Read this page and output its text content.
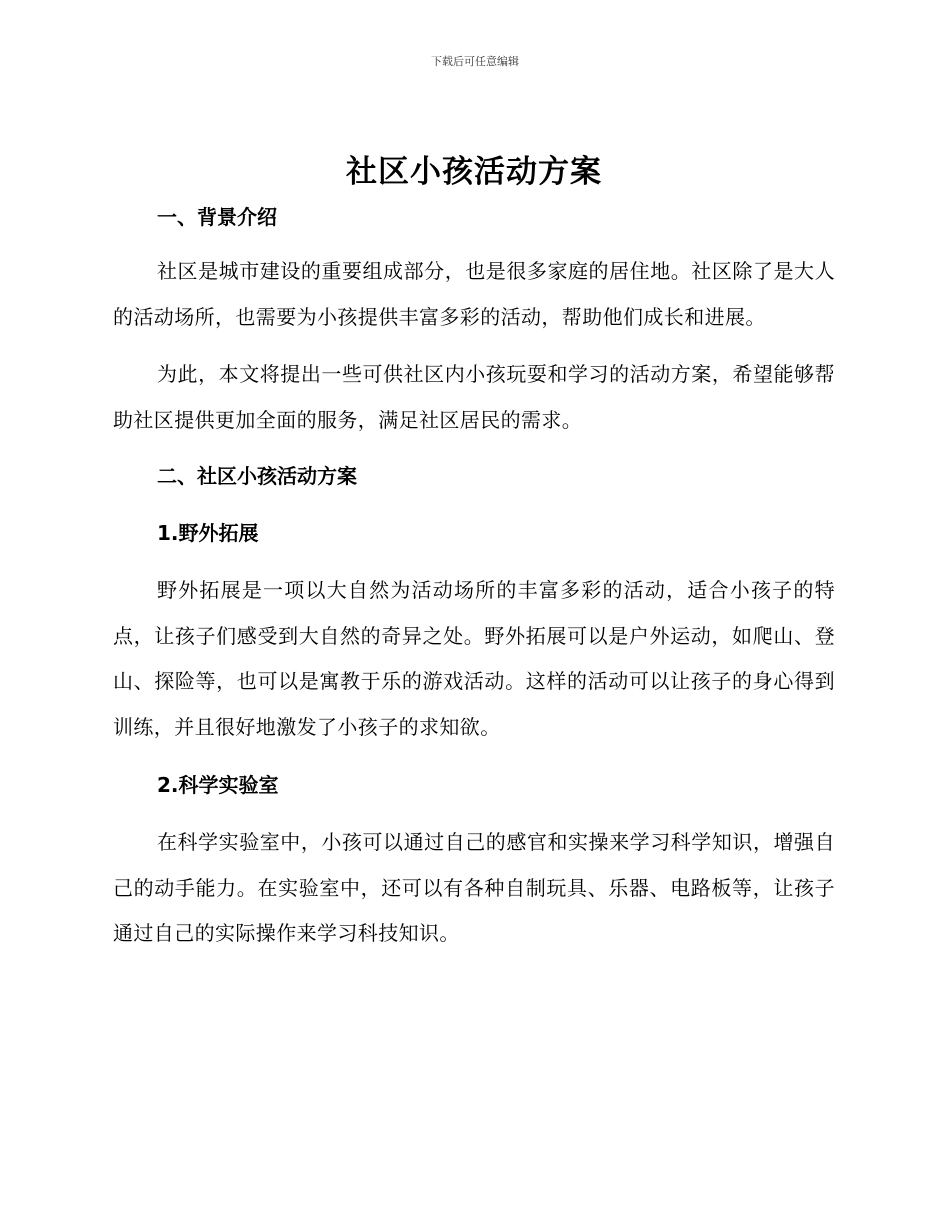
下载后可任意编辑
社区小孩活动方案
一、背景介绍

社区是城市建设的重要组成部分，也是很多家庭的居住地。社区除了是大人的活动场所，也需要为小孩提供丰富多彩的活动，帮助他们成长和进展。

为此，本文将提出一些可供社区内小孩玩耍和学习的活动方案，希望能够帮助社区提供更加全面的服务，满足社区居民的需求。

二、社区小孩活动方案
1.野外拓展

野外拓展是一项以大自然为活动场所的丰富多彩的活动，适合小孩子的特点，让孩子们感受到大自然的奇异之处。野外拓展可以是户外运动，如爬山、登山、探险等，也可以是寓教于乐的游戏活动。这样的活动可以让孩子的身心得到训练，并且很好地激发了小孩子的求知欲。

2.科学实验室

在科学实验室中，小孩可以通过自己的感官和实操来学习科学知识，增强自己的动手能力。在实验室中，还可以有各种自制玩具、乐器、电路板等，让孩子通过自己的实际操作来学习科技知识。
